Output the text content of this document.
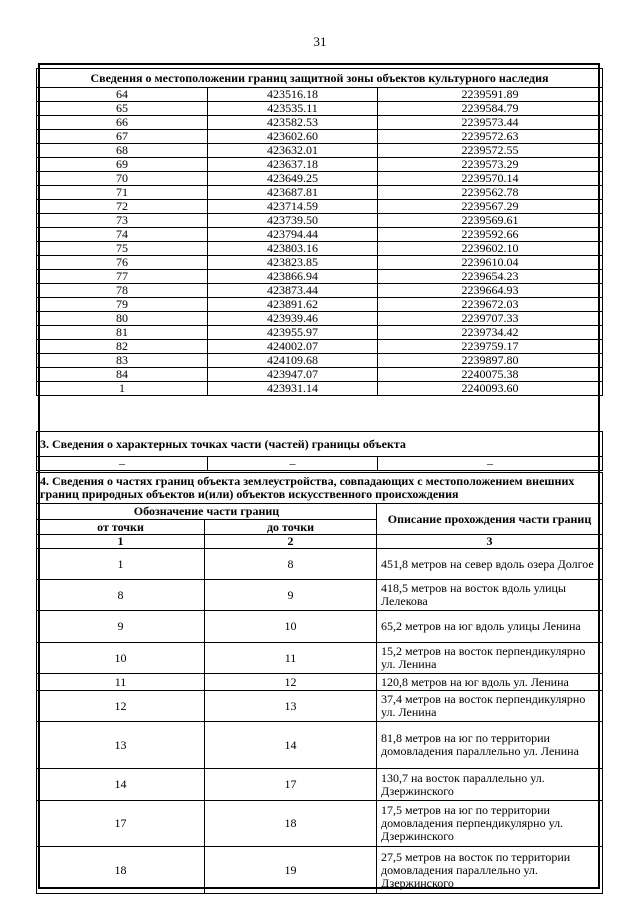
31
Сведения о местоположении границ защитной зоны объектов культурного наследия		
64	423516.18	2239591.89
65	423535.11	2239584.79
66	423582.53	2239573.44
67	423602.60	2239572.63
68	423632.01	2239572.55
69	423637.18	2239573.29
70	423649.25	2239570.14
71	423687.81	2239562.78
72	423714.59	2239567.29
73	423739.50	2239569.61
74	423794.44	2239592.66
75	423803.16	2239602.10
76	423823.85	2239610.04
77	423866.94	2239654.23
78	423873.44	2239664.93
79	423891.62	2239672.03
80	423939.46	2239707.33
81	423955.97	2239734.42
82	424002.07	2239759.17
83	424109.68	2239897.80
84	423947.07	2240075.38
1	423931.14	2240093.60
3. Сведения о характерных точках части (частей) границы объекта
–	–	–
4. Сведения о частях границ объекта землеустройства, совпадающих с местоположением внешних границ природных объектов и(или) объектов искусственного происхождения		
Обозначение части границ		Описание прохождения части границ
от точки	до точки	
1	2	3
1	8	451,8 метров на север вдоль озера Долгое
8	9	418,5 метров на восток вдоль улицы Лелекова
9	10	65,2 метров на юг вдоль улицы Ленина
10	11	15,2 метров на восток перпендикулярно ул. Ленина
11	12	120,8 метров на юг вдоль ул. Ленина
12	13	37,4 метров на восток перпендикулярно ул. Ленина
13	14	81,8 метров на юг по территории домовладения параллельно ул. Ленина
14	17	130,7 на восток параллельно ул. Дзержинского
17	18	17,5 метров на юг по территории домовладения перпендикулярно ул. Дзержинского
18	19	27,5 метров на восток по территории домовладения параллельно ул. Дзержинского
